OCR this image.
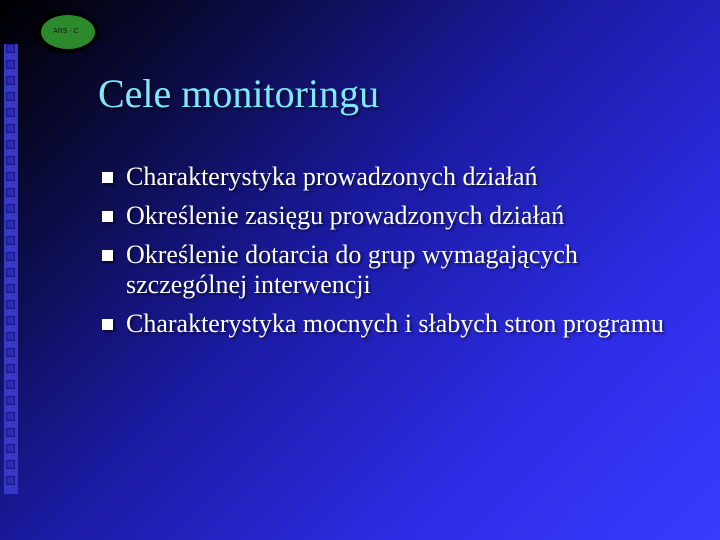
ARS - C
Cele monitoringu
Charakterystyka prowadzonych działań
Określenie zasięgu prowadzonych działań
Określenie dotarcia do grup wymagających szczególnej interwencji
Charakterystyka mocnych i słabych stron programu
